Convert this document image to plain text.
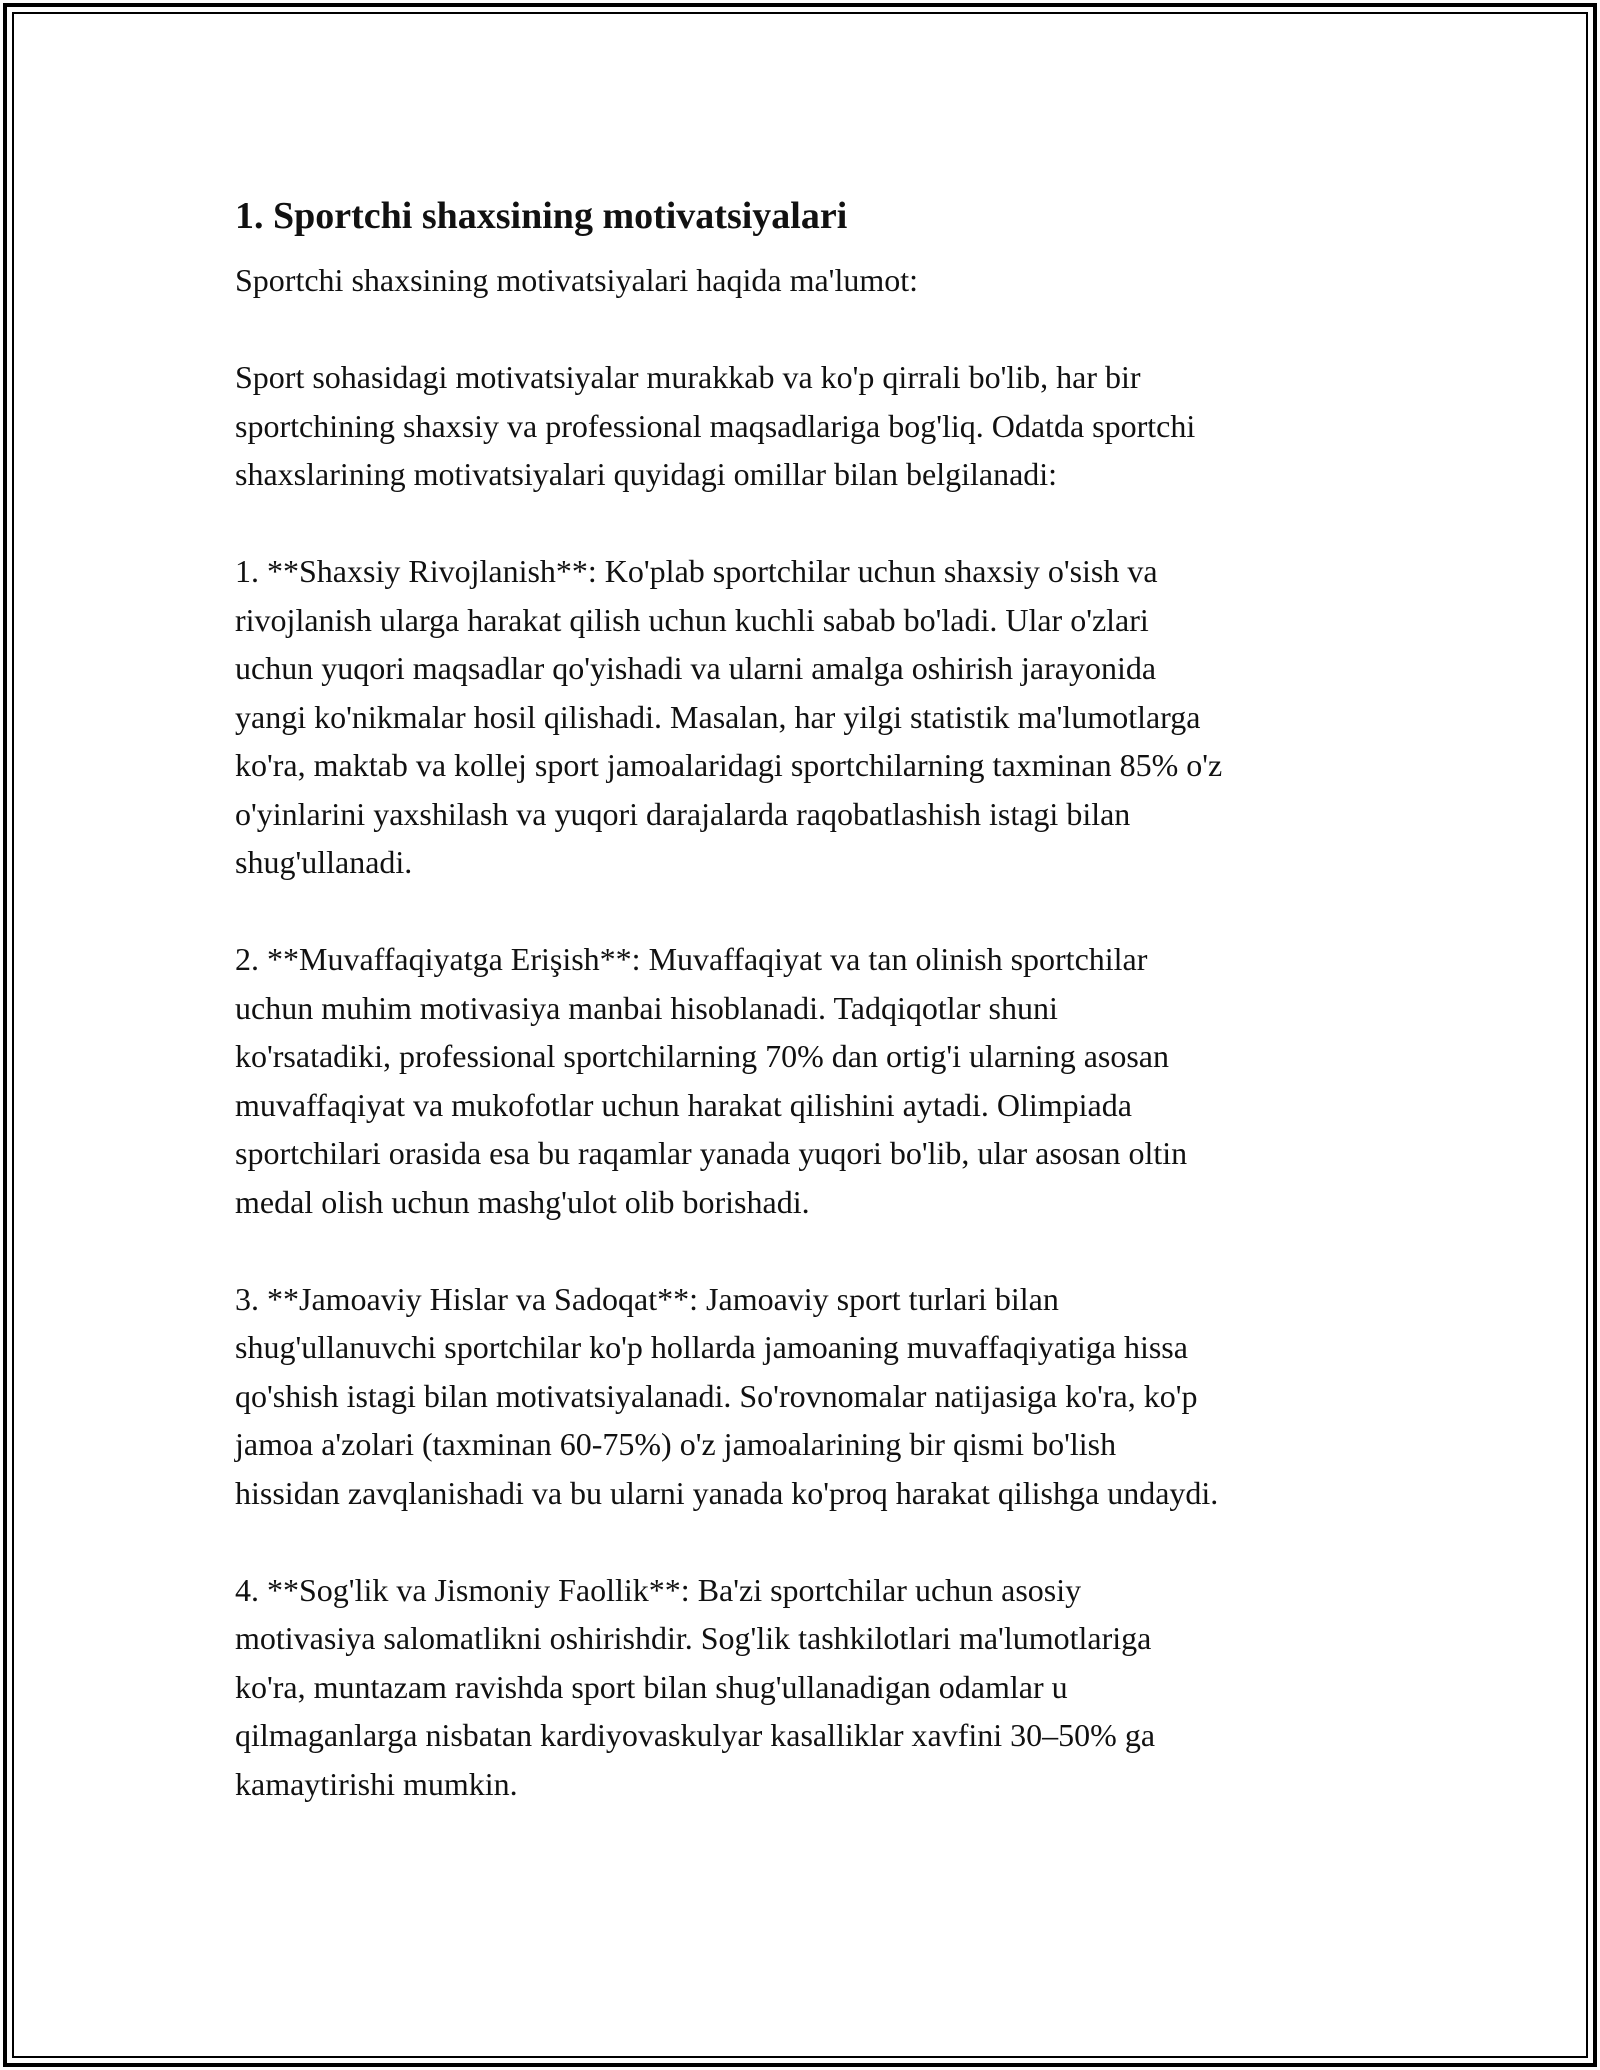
1. Sportchi shaxsining motivatsiyalari

Sportchi shaxsining motivatsiyalari haqida ma'lumot:

Sport sohasidagi motivatsiyalar murakkab va ko'p qirrali bo'lib, har bir
sportchining shaxsiy va professional maqsadlariga bog'liq. Odatda sportchi
shaxslarining motivatsiyalari quyidagi omillar bilan belgilanadi:

1. **Shaxsiy Rivojlanish**: Ko'plab sportchilar uchun shaxsiy o'sish va
rivojlanish ularga harakat qilish uchun kuchli sabab bo'ladi. Ular o'zlari
uchun yuqori maqsadlar qo'yishadi va ularni amalga oshirish jarayonida
yangi ko'nikmalar hosil qilishadi. Masalan, har yilgi statistik ma'lumotlarga
ko'ra, maktab va kollej sport jamoalaridagi sportchilarning taxminan 85% o'z
o'yinlarini yaxshilash va yuqori darajalarda raqobatlashish istagi bilan
shug'ullanadi.

2. **Muvaffaqiyatga Erişish**: Muvaffaqiyat va tan olinish sportchilar
uchun muhim motivasiya manbai hisoblanadi. Tadqiqotlar shuni
ko'rsatadiki, professional sportchilarning 70% dan ortig'i ularning asosan
muvaffaqiyat va mukofotlar uchun harakat qilishini aytadi. Olimpiada
sportchilari orasida esa bu raqamlar yanada yuqori bo'lib, ular asosan oltin
medal olish uchun mashg'ulot olib borishadi.

3. **Jamoaviy Hislar va Sadoqat**: Jamoaviy sport turlari bilan
shug'ullanuvchi sportchilar ko'p hollarda jamoaning muvaffaqiyatiga hissa
qo'shish istagi bilan motivatsiyalanadi. So'rovnomalar natijasiga ko'ra, ko'p
jamoa a'zolari (taxminan 60-75%) o'z jamoalarining bir qismi bo'lish
hissidan zavqlanishadi va bu ularni yanada ko'proq harakat qilishga undaydi.

4. **Sog'lik va Jismoniy Faollik**: Ba'zi sportchilar uchun asosiy
motivasiya salomatlikni oshirishdir. Sog'lik tashkilotlari ma'lumotlariga
ko'ra, muntazam ravishda sport bilan shug'ullanadigan odamlar u
qilmaganlarga nisbatan kardiyovaskulyar kasalliklar xavfini 30–50% ga
kamaytirishi mumkin.
